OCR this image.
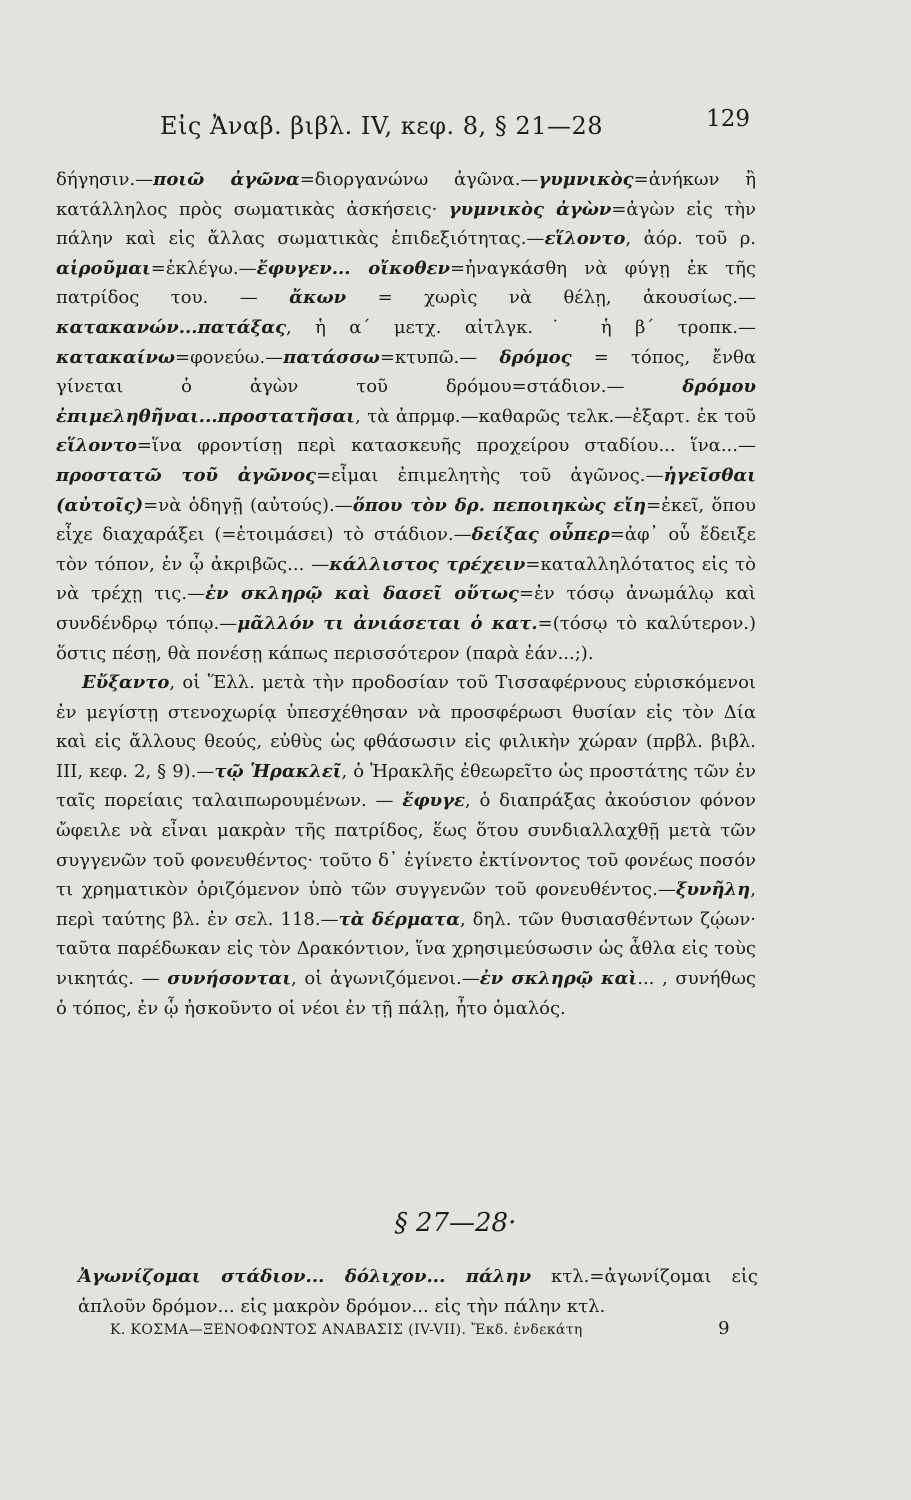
Εἰς Ἀναβ. βιβλ. IV, κεφ. 8, § 21—28	129

δήγησιν.—ποιῶ ἀγῶνα=διοργανώνω ἀγῶνα.—γυμνικὸς=ἀνήκων ἢ κατάλληλος πρὸς σωματικὰς ἀσκήσεις· γυμνικὸς ἀγὼν=ἀγὼν εἰς τὴν πάλην καὶ εἰς ἄλλας σωματικὰς ἐπιδεξιότητας.—εἵλοντο, ἀόρ. τοῦ ρ. αἱροῦμαι=ἐκλέγω.—ἔφυγεν... οἴκοθεν=ἠναγκάσθη νὰ φύγῃ ἐκ τῆς πατρίδος του. — ἄκων = χωρὶς νὰ θέλῃ, ἀκουσίως.—κατακανών...πατάξας, ἡ α΄ μετχ. αἰτλγκ.˙ ἡ β΄ τροπκ.—κατακαίνω=φονεύω.—πατάσσω=κτυπῶ.— δρόμος = τόπος, ἔνθα γίνεται ὁ ἀγὼν τοῦ δρόμου=στάδιον.— δρόμου ἐπιμεληθῆναι...προστατῆσαι, τὰ ἀπρμφ.—καθαρῶς τελκ.—ἐξαρτ. ἐκ τοῦ εἵλοντο=ἵνα φροντίσῃ περὶ κατασκευῆς προχείρου σταδίου... ἵνα...—προστατῶ τοῦ ἀγῶνος=εἶμαι ἐπιμελητὴς τοῦ ἀγῶνος.—ἡγεῖσθαι (αὐτοῖς)=νὰ ὁδηγῇ (αὐτούς).—ὅπου τὸν δρ. πεποιηκὼς εἴη=ἐκεῖ, ὅπου εἶχε διαχαράξει (=ἑτοιμάσει) τὸ στάδιον.—δείξας οὗπερ=ἀφ᾽ οὗ ἔδειξε τὸν τόπον, ἐν ᾧ ἀκριβῶς... —κάλλιστος τρέχειν=καταλληλότατος εἰς τὸ νὰ τρέχῃ τις.—ἐν σκληρῷ καὶ δασεῖ οὕτως=ἐν τόσῳ ἀνωμάλῳ καὶ συνδένδρῳ τόπῳ.—μᾶλλόν τι ἀνιάσεται ὁ κατ.=(τόσῳ τὸ καλύτερον.) ὅστις πέσῃ, θὰ πονέσῃ κάπως περισσότερον (παρὰ ἐάν...;).

Εὔξαντο, οἱ Ἕλλ. μετὰ τὴν προδοσίαν τοῦ Τισσαφέρνους εὑρισκόμενοι ἐν μεγίστῃ στενοχωρίᾳ ὑπεσχέθησαν νὰ προσφέρωσι θυσίαν εἰς τὸν Δία καὶ εἰς ἄλλους θεούς, εὐθὺς ὡς φθάσωσιν εἰς φιλικὴν χώραν (πρβλ. βιβλ. III, κεφ. 2, § 9).—τῷ Ἡρακλεῖ, ὁ Ἡρακλῆς ἐθεωρεῖτο ὡς προστάτης τῶν ἐν ταῖς πορείαις ταλαιπωρουμένων. — ἔφυγε, ὁ διαπράξας ἀκούσιον φόνον ὤφειλε νὰ εἶναι μακρὰν τῆς πατρίδος, ἕως ὅτου συνδιαλλαχθῇ μετὰ τῶν συγγενῶν τοῦ φονευθέντος· τοῦτο δ᾽ ἐγίνετο ἐκτίνοντος τοῦ φονέως ποσόν τι χρηματικὸν ὁριζόμενον ὑπὸ τῶν συγγενῶν τοῦ φονευθέντος.—ξυνῆλη, περὶ ταύτης βλ. ἐν σελ. 118.—τὰ δέρματα, δηλ. τῶν θυσιασθέντων ζῴων· ταῦτα παρέδωκαν εἰς τὸν Δρακόντιον, ἵνα χρησιμεύσωσιν ὡς ἆθλα εἰς τοὺς νικητάς. — συνήσονται, οἱ ἀγωνιζόμενοι.—ἐν σκληρῷ καὶ... , συνήθως ὁ τόπος, ἐν ᾧ ἠσκοῦντο οἱ νέοι ἐν τῇ πάλῃ, ἦτο ὁμαλός.

§ 27—28·

Ἀγωνίζομαι στάδιον... δόλιχον... πάλην κτλ.=ἀγωνίζομαι εἰς ἁπλοῦν δρόμον... εἰς μακρὸν δρόμον... εἰς τὴν πάλην κτλ.

Κ. ΚΟΣΜΑ—ΞΕΝΟΦΩΝΤΟΣ ΑΝΑΒΑΣΙΣ (IV-VII). Ἔκδ. ἑνδεκάτη	9
